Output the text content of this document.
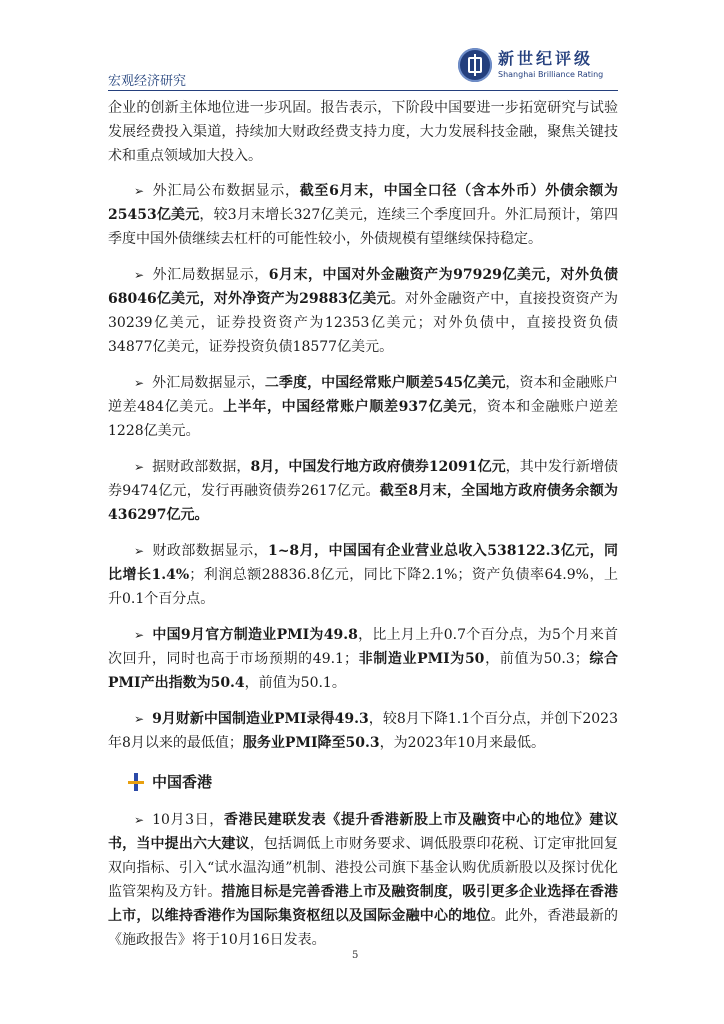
宏观经济研究
新世纪评级
Shanghai Brilliance Rating

企业的创新主体地位进一步巩固。报告表示，下阶段中国要进一步拓宽研究与试验发展经费投入渠道，持续加大财政经费支持力度，大力发展科技金融，聚焦关键技术和重点领域加大投入。

➢ 外汇局公布数据显示，截至6月末，中国全口径（含本外币）外债余额为25453亿美元，较3月末增长327亿美元，连续三个季度回升。外汇局预计，第四季度中国外债继续去杠杆的可能性较小，外债规模有望继续保持稳定。

➢ 外汇局数据显示，6月末，中国对外金融资产为97929亿美元，对外负债68046亿美元，对外净资产为29883亿美元。对外金融资产中，直接投资资产为30239亿美元，证券投资资产为12353亿美元；对外负债中，直接投资负债34877亿美元，证券投资负债18577亿美元。

➢ 外汇局数据显示，二季度，中国经常账户顺差545亿美元，资本和金融账户逆差484亿美元。上半年，中国经常账户顺差937亿美元，资本和金融账户逆差1228亿美元。

➢ 据财政部数据，8月，中国发行地方政府债券12091亿元，其中发行新增债券9474亿元，发行再融资债券2617亿元。截至8月末，全国地方政府债务余额为436297亿元。

➢ 财政部数据显示，1~8月，中国国有企业营业总收入538122.3亿元，同比增长1.4%；利润总额28836.8亿元，同比下降2.1%；资产负债率64.9%，上升0.1个百分点。

➢ 中国9月官方制造业PMI为49.8，比上月上升0.7个百分点，为5个月来首次回升，同时也高于市场预期的49.1；非制造业PMI为50，前值为50.3；综合PMI产出指数为50.4，前值为50.1。

➢ 9月财新中国制造业PMI录得49.3，较8月下降1.1个百分点，并创下2023年8月以来的最低值；服务业PMI降至50.3，为2023年10月来最低。

中国香港

➢ 10月3日，香港民建联发表《提升香港新股上市及融资中心的地位》建议书，当中提出六大建议，包括调低上市财务要求、调低股票印花税、订定审批回复双向指标、引入“试水温沟通”机制、港投公司旗下基金认购优质新股以及探讨优化监管架构及方针。措施目标是完善香港上市及融资制度，吸引更多企业选择在香港上市，以维持香港作为国际集资枢纽以及国际金融中心的地位。此外，香港最新的《施政报告》将于10月16日发表。

5
